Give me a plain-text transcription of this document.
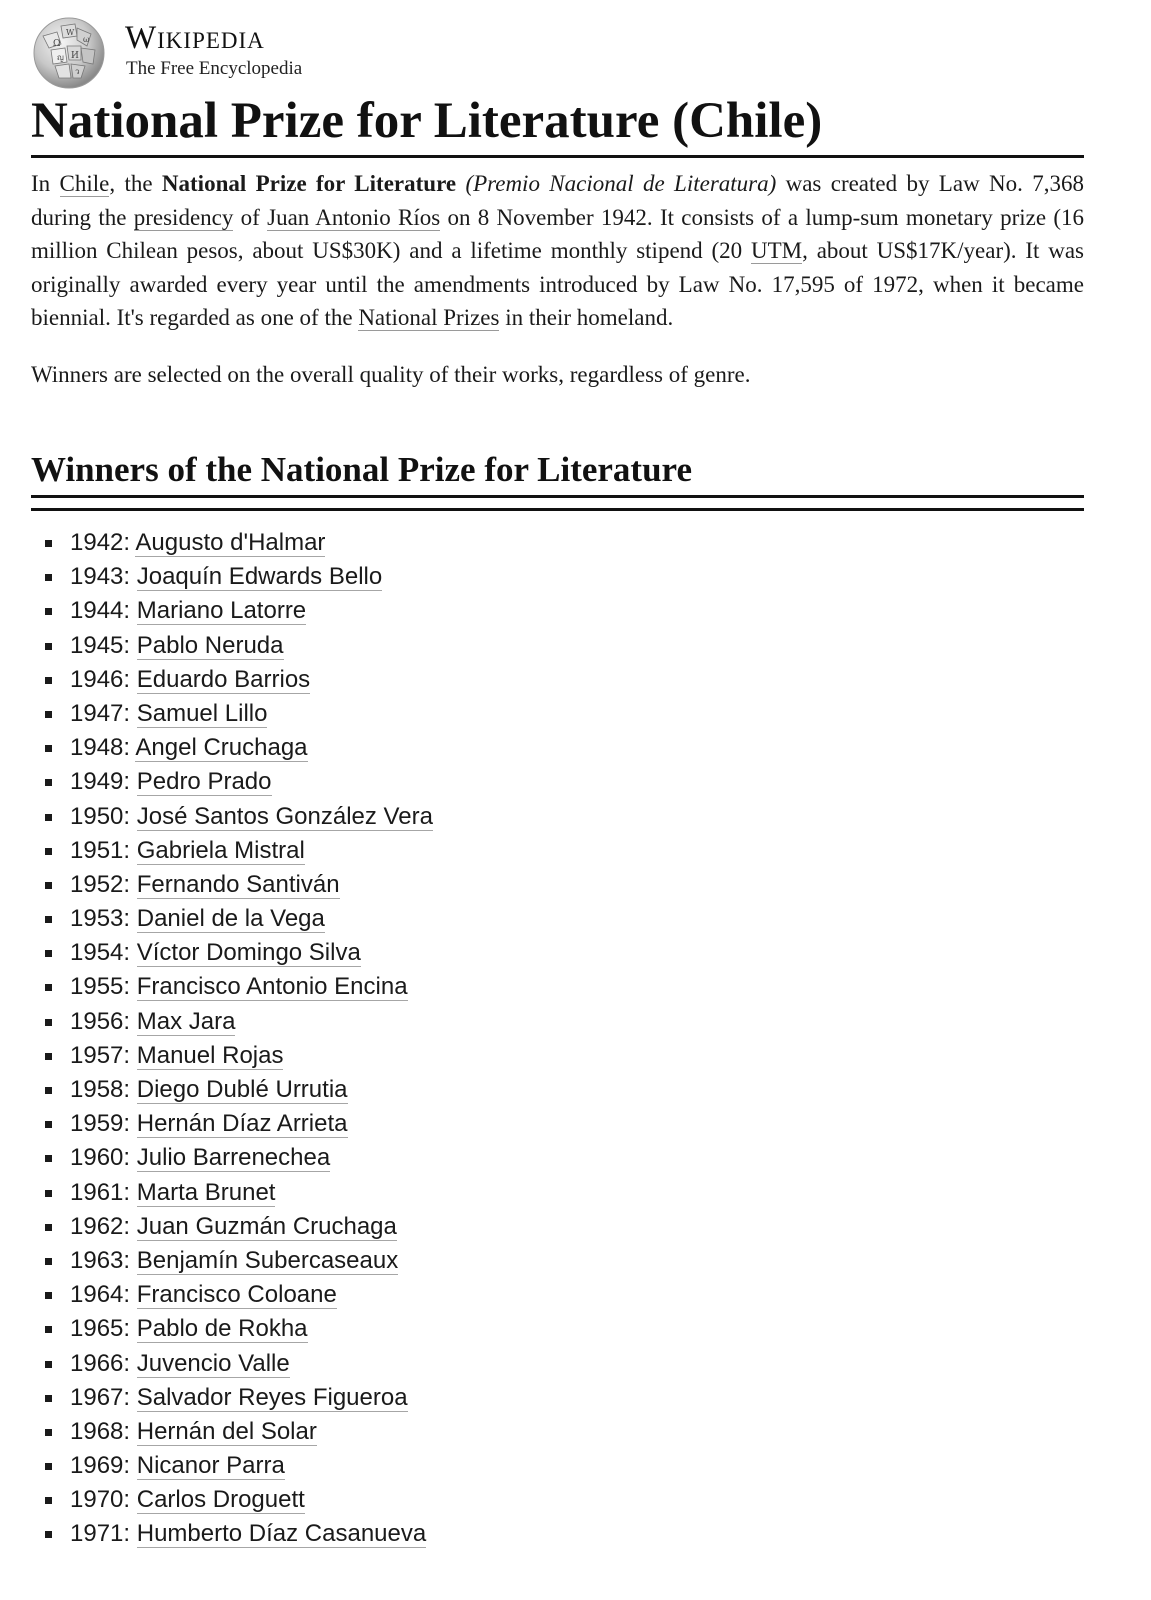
Ω
W
ω
И
ญ
ว
Wikipedia
The Free Encyclopedia
National Prize for Literature (Chile)

In Chile, the National Prize for Literature (Premio Nacional de Literatura) was created by Law No. 7,368 during the presidency of Juan Antonio Ríos on 8 November 1942. It consists of a lump-sum monetary prize (16 million Chilean pesos, about US$30K) and a lifetime monthly stipend (20 UTM, about US$17K/year). It was originally awarded every year until the amendments introduced by Law No. 17,595 of 1972, when it became biennial. It's regarded as one of the National Prizes in their homeland.

Winners are selected on the overall quality of their works, regardless of genre.

Winners of the National Prize for Literature
1942: Augusto d'Halmar
1943: Joaquín Edwards Bello
1944: Mariano Latorre
1945: Pablo Neruda
1946: Eduardo Barrios
1947: Samuel Lillo
1948: Angel Cruchaga
1949: Pedro Prado
1950: José Santos González Vera
1951: Gabriela Mistral
1952: Fernando Santiván
1953: Daniel de la Vega
1954: Víctor Domingo Silva
1955: Francisco Antonio Encina
1956: Max Jara
1957: Manuel Rojas
1958: Diego Dublé Urrutia
1959: Hernán Díaz Arrieta
1960: Julio Barrenechea
1961: Marta Brunet
1962: Juan Guzmán Cruchaga
1963: Benjamín Subercaseaux
1964: Francisco Coloane
1965: Pablo de Rokha
1966: Juvencio Valle
1967: Salvador Reyes Figueroa
1968: Hernán del Solar
1969: Nicanor Parra
1970: Carlos Droguett
1971: Humberto Díaz Casanueva
